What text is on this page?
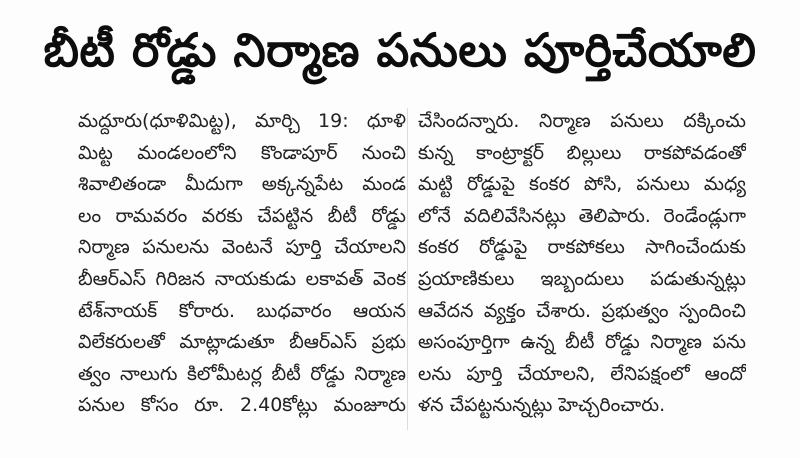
బీటీ రోడ్డు నిర్మాణ పనులు పూర్తిచేయాలి
మద్దూరు(ధూళిమిట్ట), మార్చి 19: ధూళి
మిట్ట మండలంలోని కొండాపూర్ నుంచి
శివాలితండా మీదుగా అక్కన్నపేట మండ
లం రామవరం వరకు చేపట్టిన బీటీ రోడ్డు
నిర్మాణ పనులను వెంటనే పూర్తి చేయాలని
బీఆర్ఎస్ గిరిజన నాయకుడు లకావత్ వెంక
టేశ్‌నాయక్ కోరారు. బుధవారం ఆయన
విలేకరులతో మాట్లాడుతూ బీఆర్ఎస్ ప్రభు
త్వం నాలుగు కిలోమీటర్ల బీటీ రోడ్డు నిర్మాణ
పనుల కోసం రూ. 2.40కోట్లు మంజూరు
చేసిందన్నారు. నిర్మాణ పనులు దక్కించు
కున్న కాంట్రాక్టర్ బిల్లులు రాకపోవడంతో
మట్టి రోడ్డుపై కంకర పోసి, పనులు మధ్య
లోనే వదిలివేసినట్లు తెలిపారు. రెండేండ్లుగా
కంకర రోడ్డుపై రాకపోకలు సాగించేందుకు
ప్రయాణికులు ఇబ్బందులు పడుతున్నట్లు
ఆవేదన వ్యక్తం చేశారు. ప్రభుత్వం స్పందించి
అసంపూర్తిగా ఉన్న బీటీ రోడ్డు నిర్మాణ పను
లను పూర్తి చేయాలని, లేనిపక్షంలో ఆందో
ళన చేపట్టనున్నట్లు హెచ్చరించారు.
